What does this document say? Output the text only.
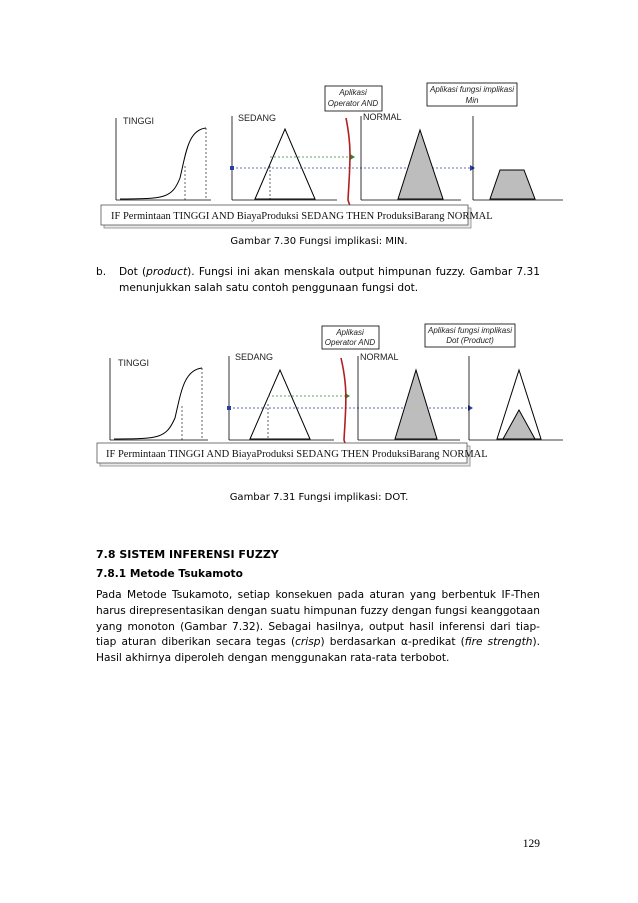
Aplikasi
Operator AND
Aplikasi fungsi implikasi
Min
TINGGI	SEDANG	NORMAL
IF Permintaan TINGGI AND BiayaProduksi SEDANG THEN ProduksiBarang NORMAL
Gambar 7.30 Fungsi implikasi: MIN.
b. Dot (product). Fungsi ini akan menskala output himpunan fuzzy. Gambar 7.31 menunjukkan salah satu contoh penggunaan fungsi dot.
Aplikasi
Operator AND
Aplikasi fungsi implikasi
Dot (Product)
TINGGI
SEDANG	NORMAL
IF Permintaan TINGGI AND BiayaProduksi SEDANG THEN ProduksiBarang NORMAL
Gambar 7.31 Fungsi implikasi: DOT.
7.8 SISTEM INFERENSI FUZZY
7.8.1 Metode Tsukamoto
Pada Metode Tsukamoto, setiap konsekuen pada aturan yang berbentuk IF-Then harus direpresentasikan dengan suatu himpunan fuzzy dengan fungsi keanggotaan yang monoton (Gambar 7.32). Sebagai hasilnya, output hasil inferensi dari tiap-tiap aturan diberikan secara tegas (crisp) berdasarkan α-predikat (fire strength). Hasil akhirnya diperoleh dengan menggunakan rata-rata terbobot.
129
